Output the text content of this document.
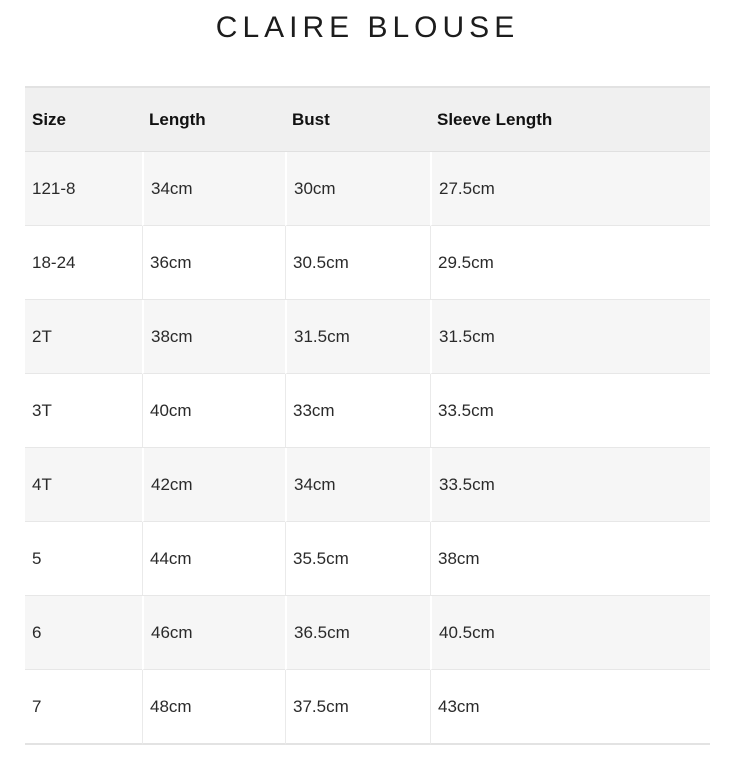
CLAIRE BLOUSE
Size	Length	Bust	Sleeve Length
121-8	34cm	30cm	27.5cm
18-24	36cm	30.5cm	29.5cm
2T	38cm	31.5cm	31.5cm
3T	40cm	33cm	33.5cm
4T	42cm	34cm	33.5cm
5	44cm	35.5cm	38cm
6	46cm	36.5cm	40.5cm
7	48cm	37.5cm	43cm
